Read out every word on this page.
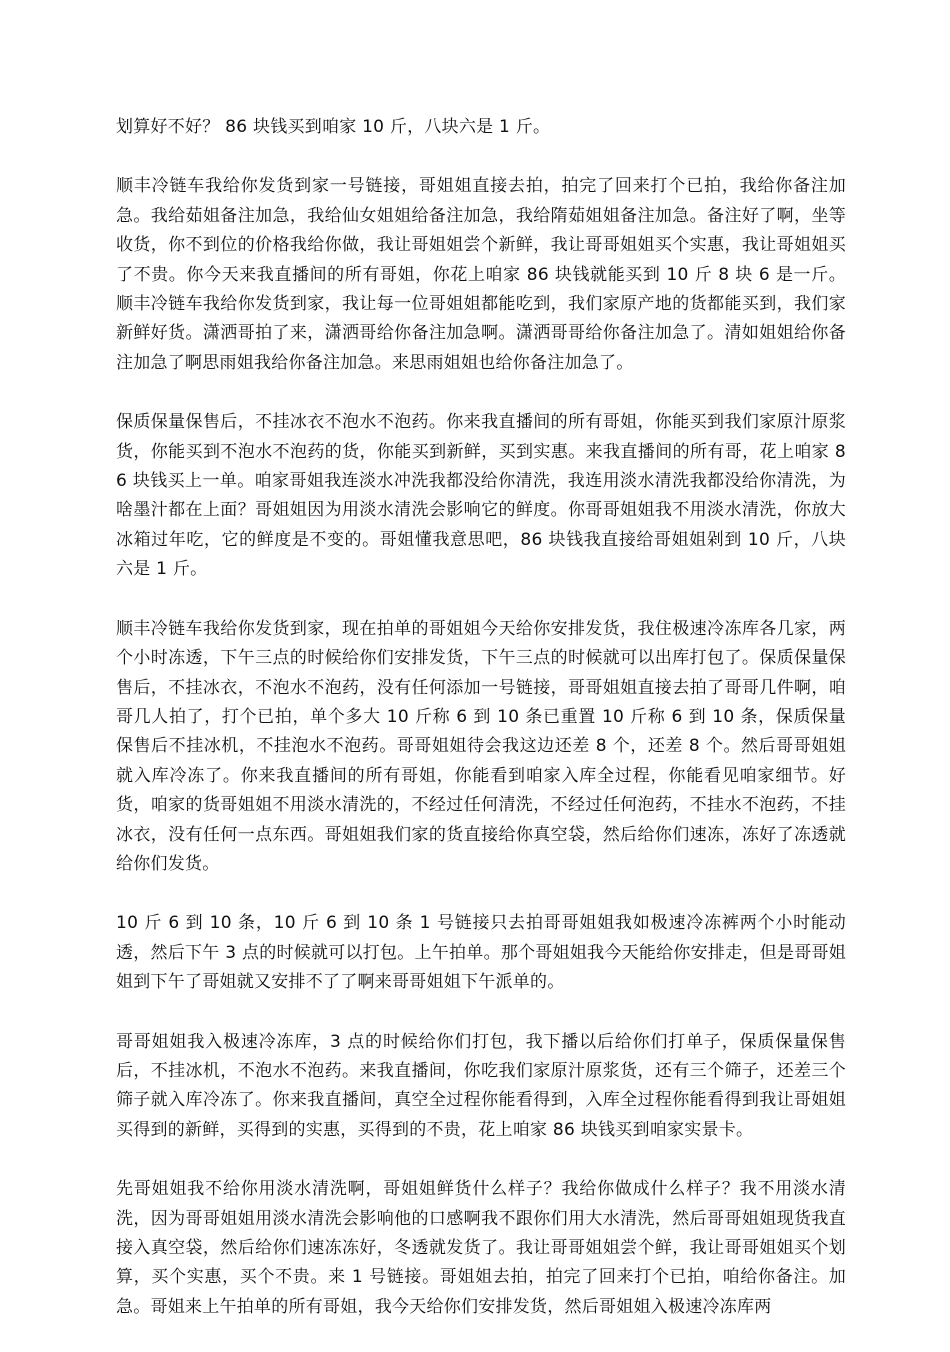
划算好不好？ 86 块钱买到咱家 10 斤，八块六是 1 斤。

顺丰冷链车我给你发货到家一号链接，哥姐姐直接去拍，拍完了回来打个已拍，我给你备注加急。我给茹姐备注加急，我给仙女姐姐给备注加急，我给隋茹姐姐备注加急。备注好了啊，坐等收货，你不到位的价格我给你做，我让哥姐姐尝个新鲜，我让哥哥姐姐买个实惠，我让哥姐姐买了不贵。你今天来我直播间的所有哥姐，你花上咱家 86 块钱就能买到 10 斤 8 块 6 是一斤。顺丰冷链车我给你发货到家，我让每一位哥姐姐都能吃到，我们家原产地的货都能买到，我们家新鲜好货。潇洒哥拍了来，潇洒哥给你备注加急啊。潇洒哥哥给你备注加急了。清如姐姐给你备注加急了啊思雨姐我给你备注加急。来思雨姐姐也给你备注加急了。

保质保量保售后，不挂冰衣不泡水不泡药。你来我直播间的所有哥姐，你能买到我们家原汁原浆货，你能买到不泡水不泡药的货，你能买到新鲜，买到实惠。来我直播间的所有哥，花上咱家 86 块钱买上一单。咱家哥姐我连淡水冲洗我都没给你清洗，我连用淡水清洗我都没给你清洗，为啥墨汁都在上面？哥姐姐因为用淡水清洗会影响它的鲜度。你哥哥姐姐我不用淡水清洗，你放大冰箱过年吃，它的鲜度是不变的。哥姐懂我意思吧，86 块钱我直接给哥姐姐剁到 10 斤，八块六是 1 斤。

顺丰冷链车我给你发货到家，现在拍单的哥姐姐今天给你安排发货，我住极速冷冻库各几家，两个小时冻透，下午三点的时候给你们安排发货，下午三点的时候就可以出库打包了。保质保量保售后，不挂冰衣，不泡水不泡药，没有任何添加一号链接，哥哥姐姐直接去拍了哥哥几件啊，咱哥几人拍了，打个已拍，单个多大 10 斤称 6 到 10 条已重置 10 斤称 6 到 10 条，保质保量保售后不挂冰机，不挂泡水不泡药。哥哥姐姐待会我这边还差 8 个，还差 8 个。然后哥哥姐姐就入库冷冻了。你来我直播间的所有哥姐，你能看到咱家入库全过程，你能看见咱家细节。好货，咱家的货哥姐姐不用淡水清洗的，不经过任何清洗，不经过任何泡药，不挂水不泡药，不挂冰衣，没有任何一点东西。哥姐姐我们家的货直接给你真空袋，然后给你们速冻，冻好了冻透就给你们发货。

10 斤 6 到 10 条，10 斤 6 到 10 条 1 号链接只去拍哥哥姐姐我如极速冷冻裤两个小时能动透，然后下午 3 点的时候就可以打包。上午拍单。那个哥姐姐我今天能给你安排走，但是哥哥姐姐到下午了哥姐就又安排不了了啊来哥哥姐姐下午派单的。

哥哥姐姐我入极速冷冻库，3 点的时候给你们打包，我下播以后给你们打单子，保质保量保售后，不挂冰机，不泡水不泡药。来我直播间，你吃我们家原汁原浆货，还有三个筛子，还差三个筛子就入库冷冻了。你来我直播间，真空全过程你能看得到，入库全过程你能看得到我让哥姐姐买得到的新鲜，买得到的实惠，买得到的不贵，花上咱家 86 块钱买到咱家实景卡。

先哥姐姐我不给你用淡水清洗啊，哥姐姐鲜货什么样子？我给你做成什么样子？我不用淡水清洗，因为哥哥姐姐用淡水清洗会影响他的口感啊我不跟你们用大水清洗，然后哥哥姐姐现货我直接入真空袋，然后给你们速冻冻好，冬透就发货了。我让哥哥姐姐尝个鲜，我让哥哥姐姐买个划算，买个实惠，买个不贵。来 1 号链接。哥姐姐去拍，拍完了回来打个已拍，咱给你备注。加急。哥姐来上午拍单的所有哥姐，我今天给你们安排发货，然后哥姐姐入极速冷冻库两
